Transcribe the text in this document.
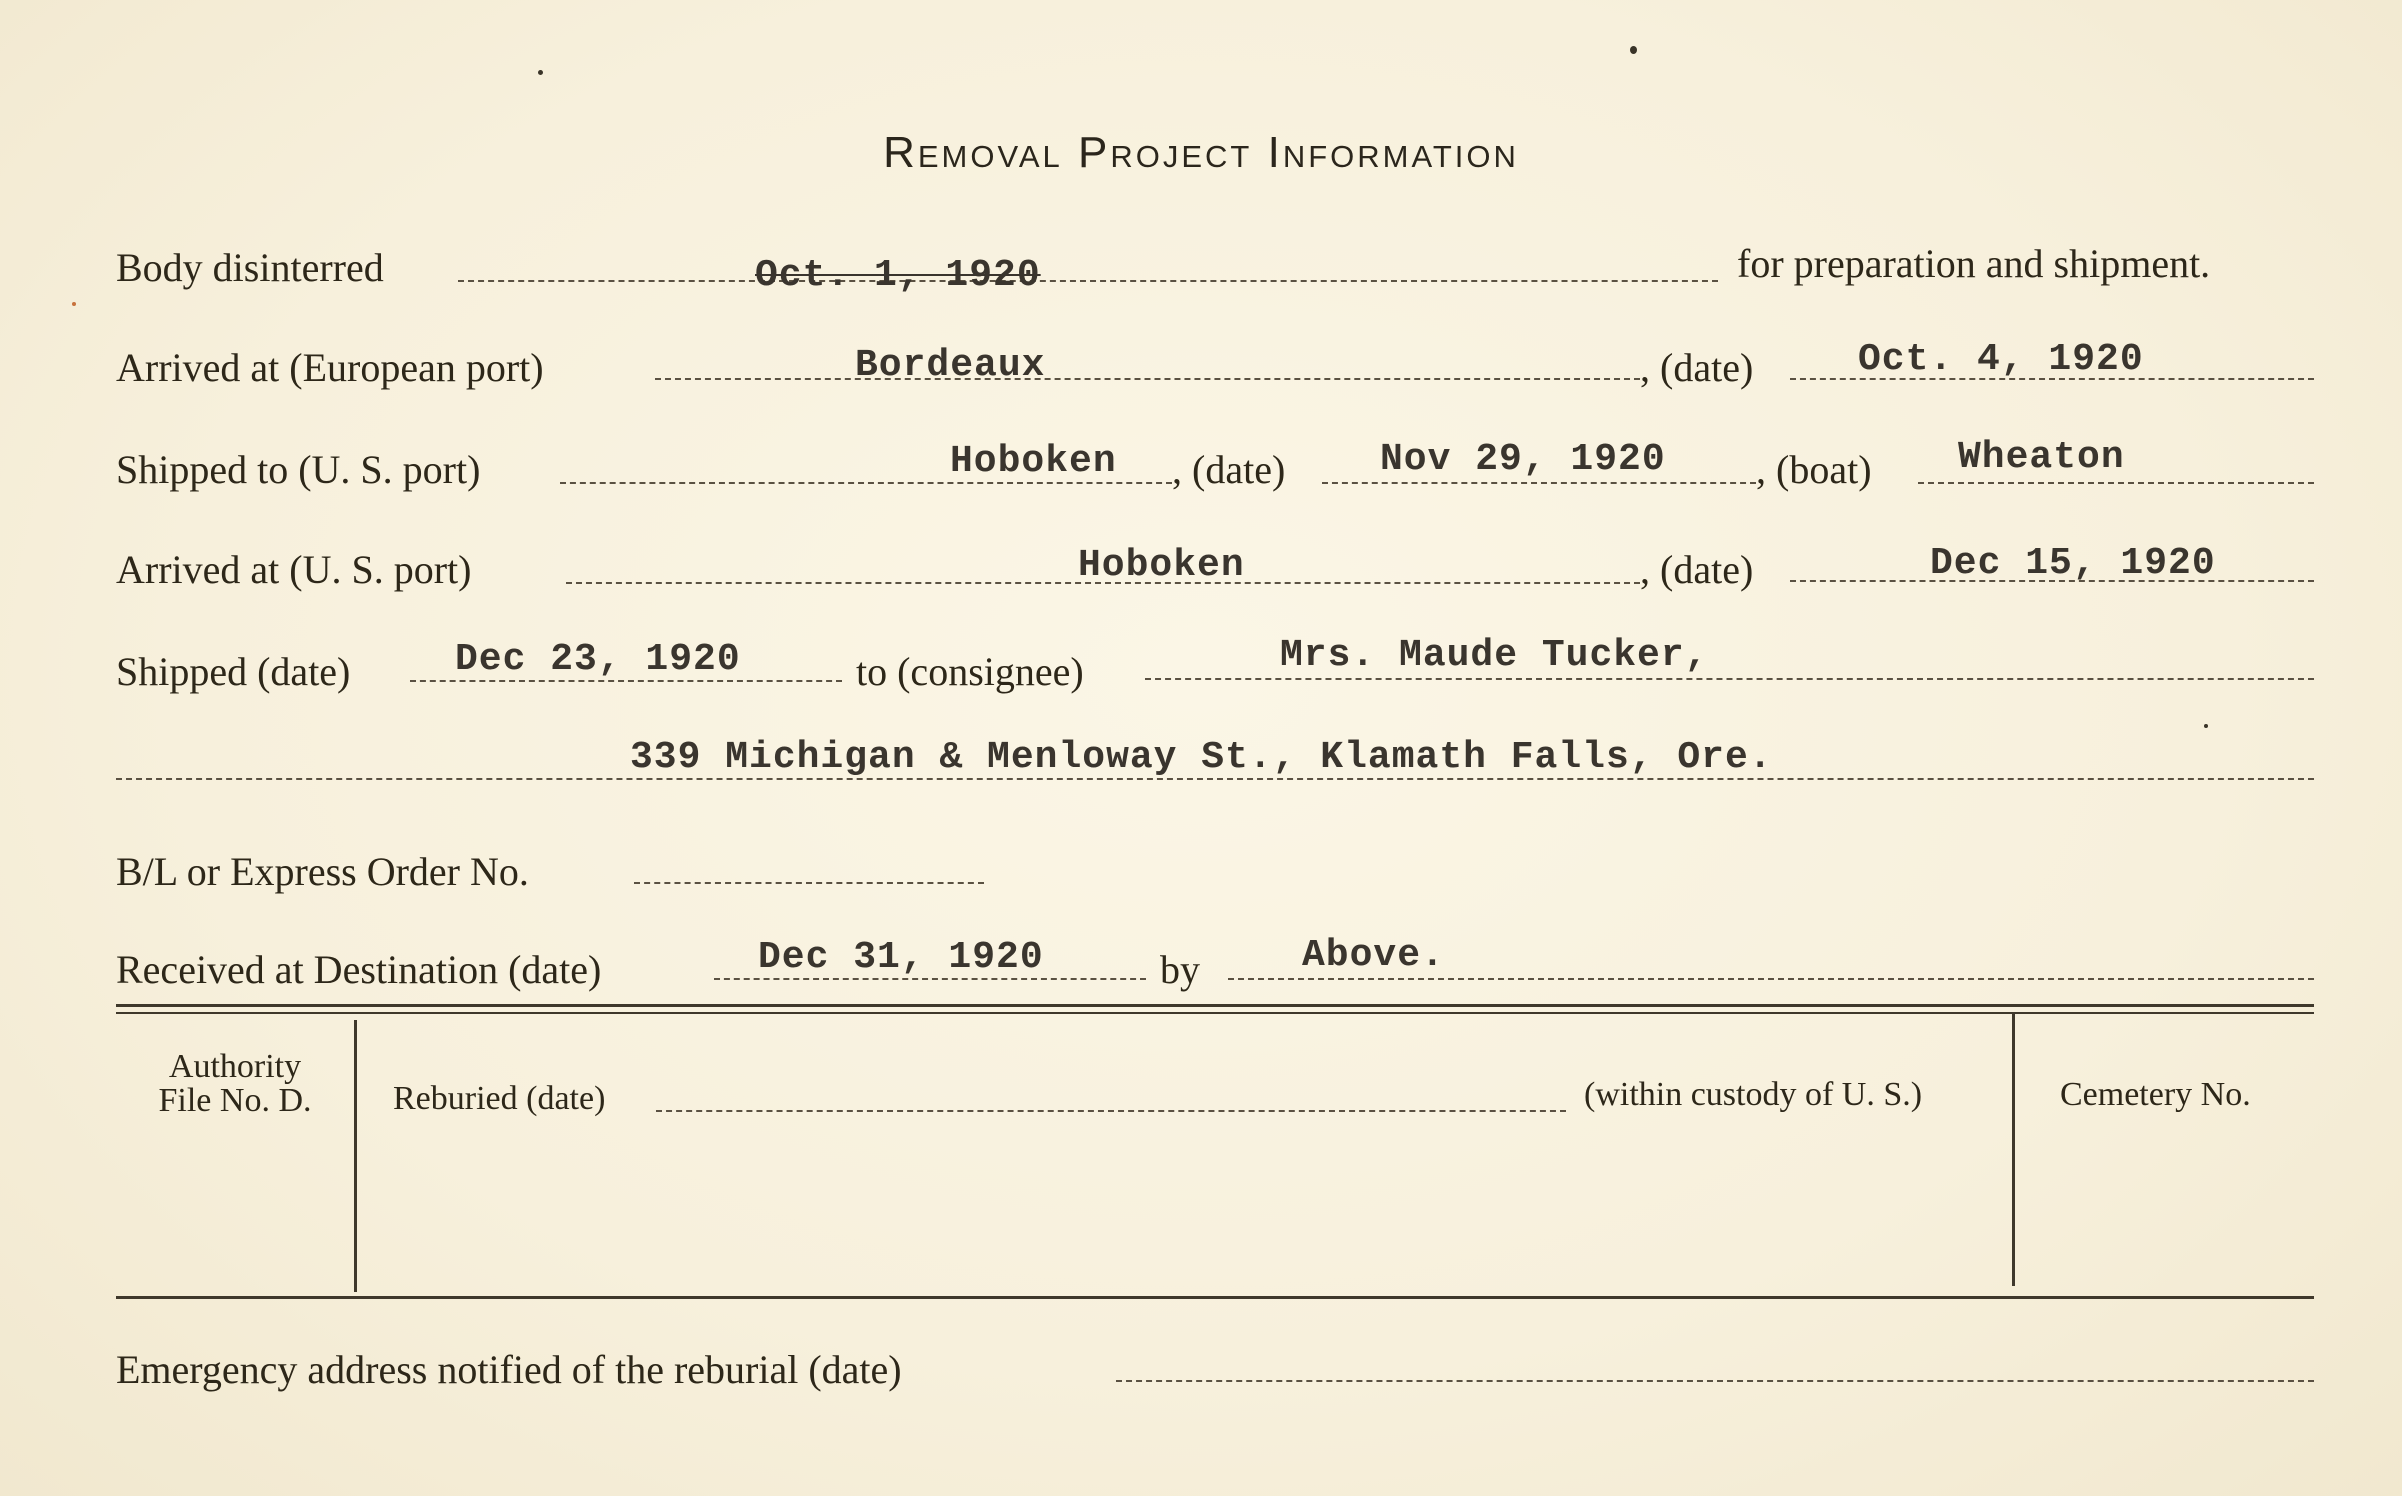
Removal Project Information
Body disinterred	Oct. 1, 1920	for preparation and shipment.
Arrived at (European port)	Bordeaux	, (date)	Oct. 4, 1920
Shipped to (U. S. port)	Hoboken , (date) Nov 29, 1920 , (boat) Wheaton
Arrived at (U. S. port)	Hoboken	, (date)	Dec 15, 1920
Shipped (date)	Dec 23, 1920	to (consignee)	Mrs. Maude Tucker,
339 Michigan & Menloway St., Klamath Falls, Ore.
B/L or Express Order No.
Received at Destination (date)	Dec 31, 1920	by	Above.
Authority
File No. D.	Reburied (date)	(within custody of U. S.)	Cemetery No.
Emergency address notified of the reburial (date)
